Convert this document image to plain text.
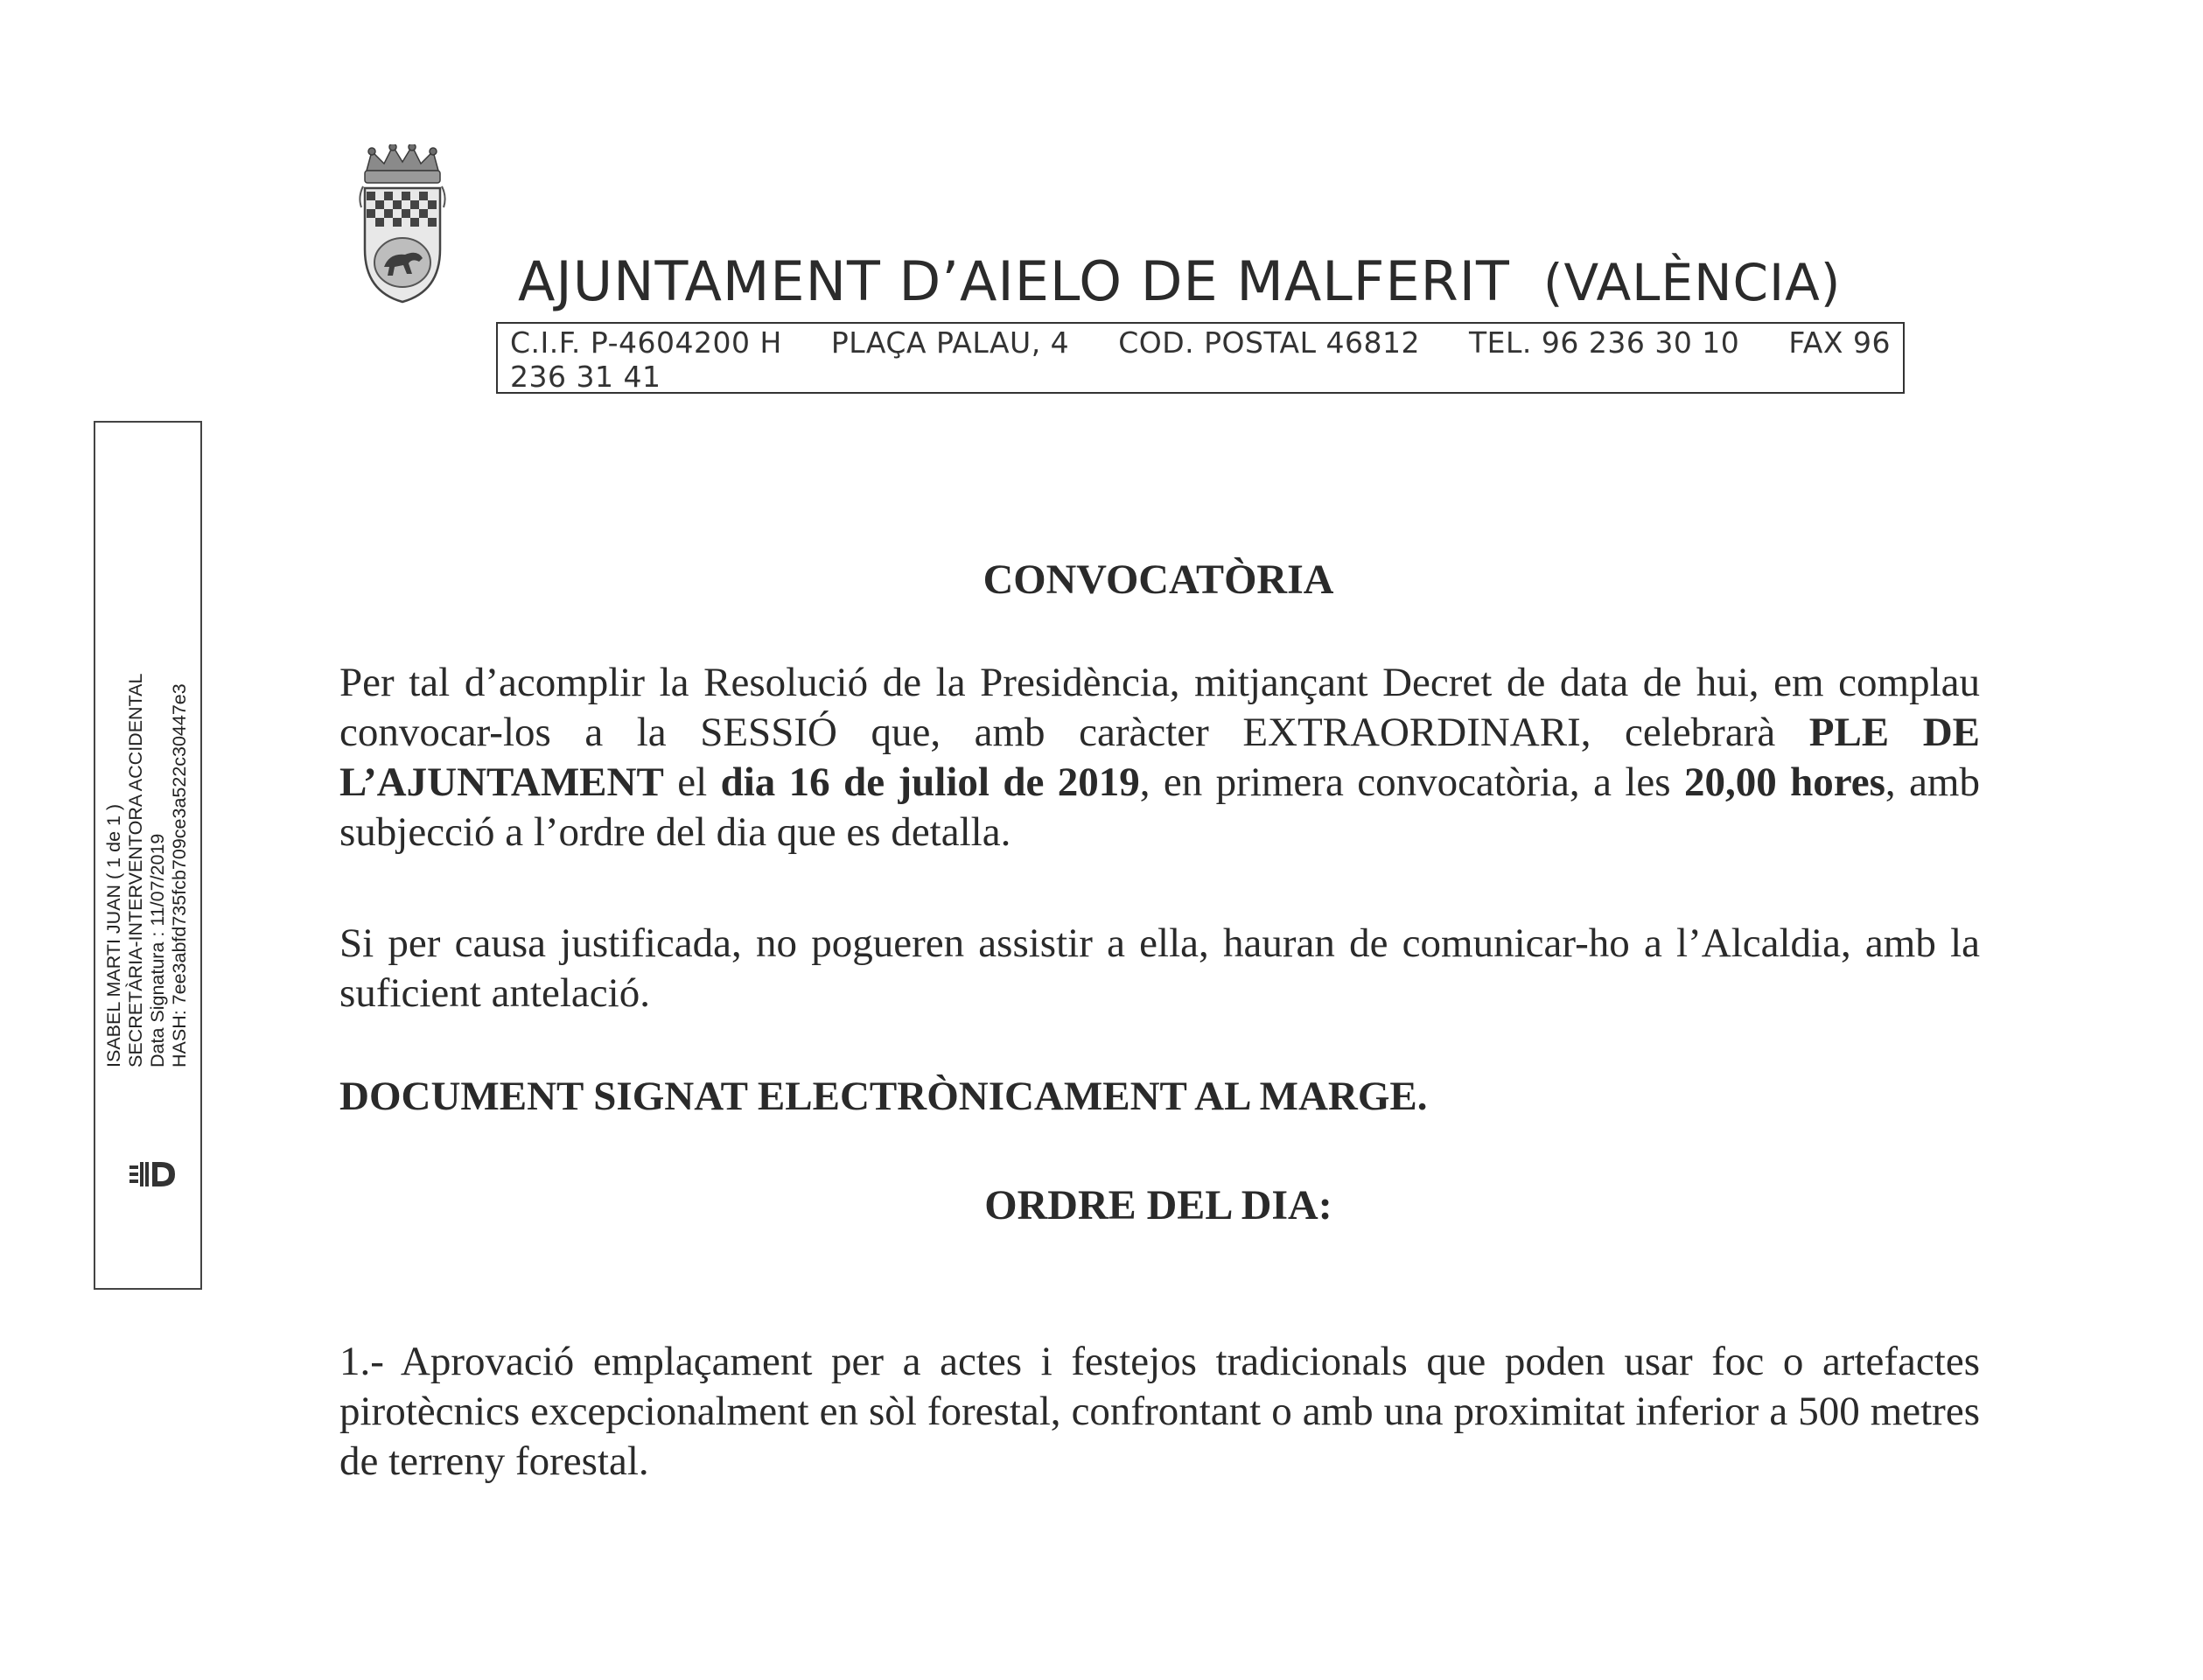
AJUNTAMENT D’AIELO DE MALFERIT (VALÈNCIA)
C.I.F. P-4604200 H PLAÇA PALAU, 4 COD. POSTAL 46812 TEL. 96 236 30 10 FAX 96
236 31 41
ISABEL MARTI JUAN ( 1 de 1 ) SECRETÀRIA-INTERVENTORA ACCIDENTAL Data Signatura : 11/07/2019 HASH: 7ee3abfd735fcb709ce3a522c30447e3
CONVOCATÒRIA

Per tal d’acomplir la Resolució de la Presidència, mitjançant Decret de data de hui, em complau convocar-los a la SESSIÓ que, amb caràcter EXTRAORDINARI, celebrarà PLE DE L’AJUNTAMENT el dia 16 de juliol de 2019, en primera convocatòria, a les 20,00 hores, amb subjecció a l’ordre del dia que es detalla.

Si per causa justificada, no pogueren assistir a ella, hauran de comunicar-ho a l’Alcaldia, amb la suficient antelació.

DOCUMENT SIGNAT ELECTRÒNICAMENT AL MARGE.

ORDRE DEL DIA:

1.- Aprovació emplaçament per a actes i festejos tradicionals que poden usar foc o artefactes pirotècnics excepcionalment en sòl forestal, confrontant o amb una proximitat inferior a 500 metres de terreny forestal.
